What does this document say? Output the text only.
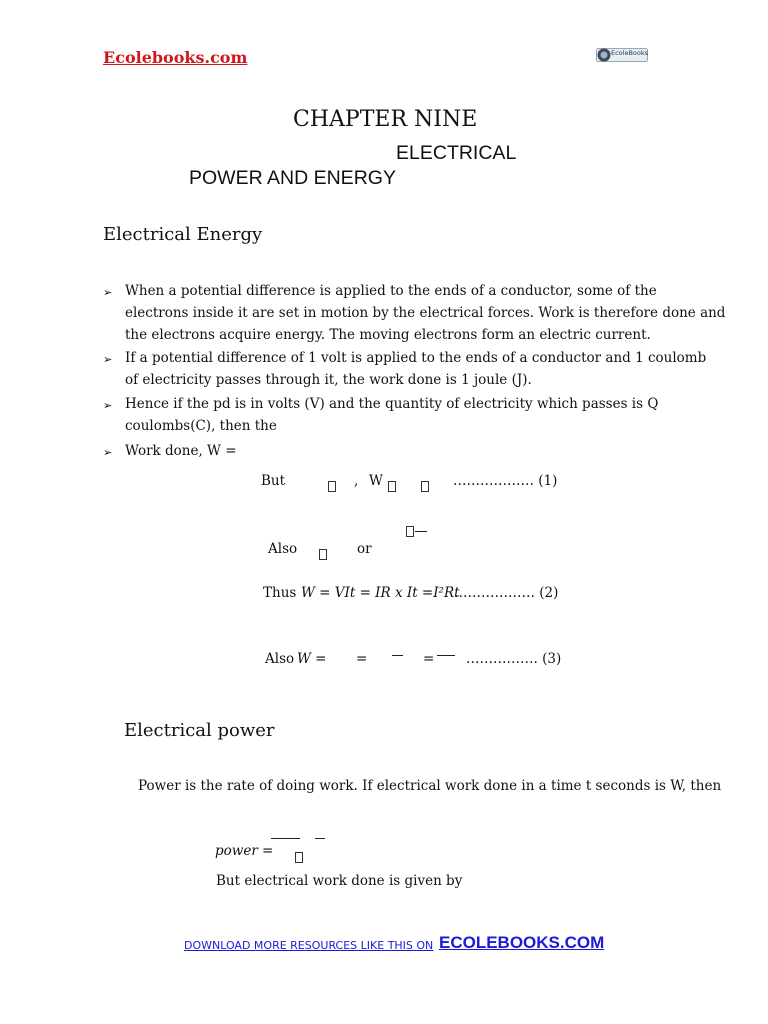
Ecolebooks.com	EcoleBooks
CHAPTER NINE
ELECTRICAL
POWER AND ENERGY
Electrical Energy
➢ When a potential difference is applied to the ends of a conductor, some of the
electrons inside it are set in motion by the electrical forces. Work is therefore done and
the electrons acquire energy. The moving electrons form an electric current.
➢ If a potential difference of 1 volt is applied to the ends of a conductor and 1 coulomb
of electricity passes through it, the work done is 1 joule (J).
➢ Hence if the pd is in volts (V) and the quantity of electricity which passes is Q
coulombs(C), then the
➢ Work done, W =
But	, W	……………… (1)
Also	or
Thus W = VIt = IR x It =I²Rt
……………… (2)
Also W = =	= ……………. (3)
Electrical power
Power is the rate of doing work. If electrical work done in a time t seconds is W, then
power =
But electrical work done is given by
DOWNLOAD MORE RESOURCES LIKE THIS ON ECOLEBOOKS.COM
